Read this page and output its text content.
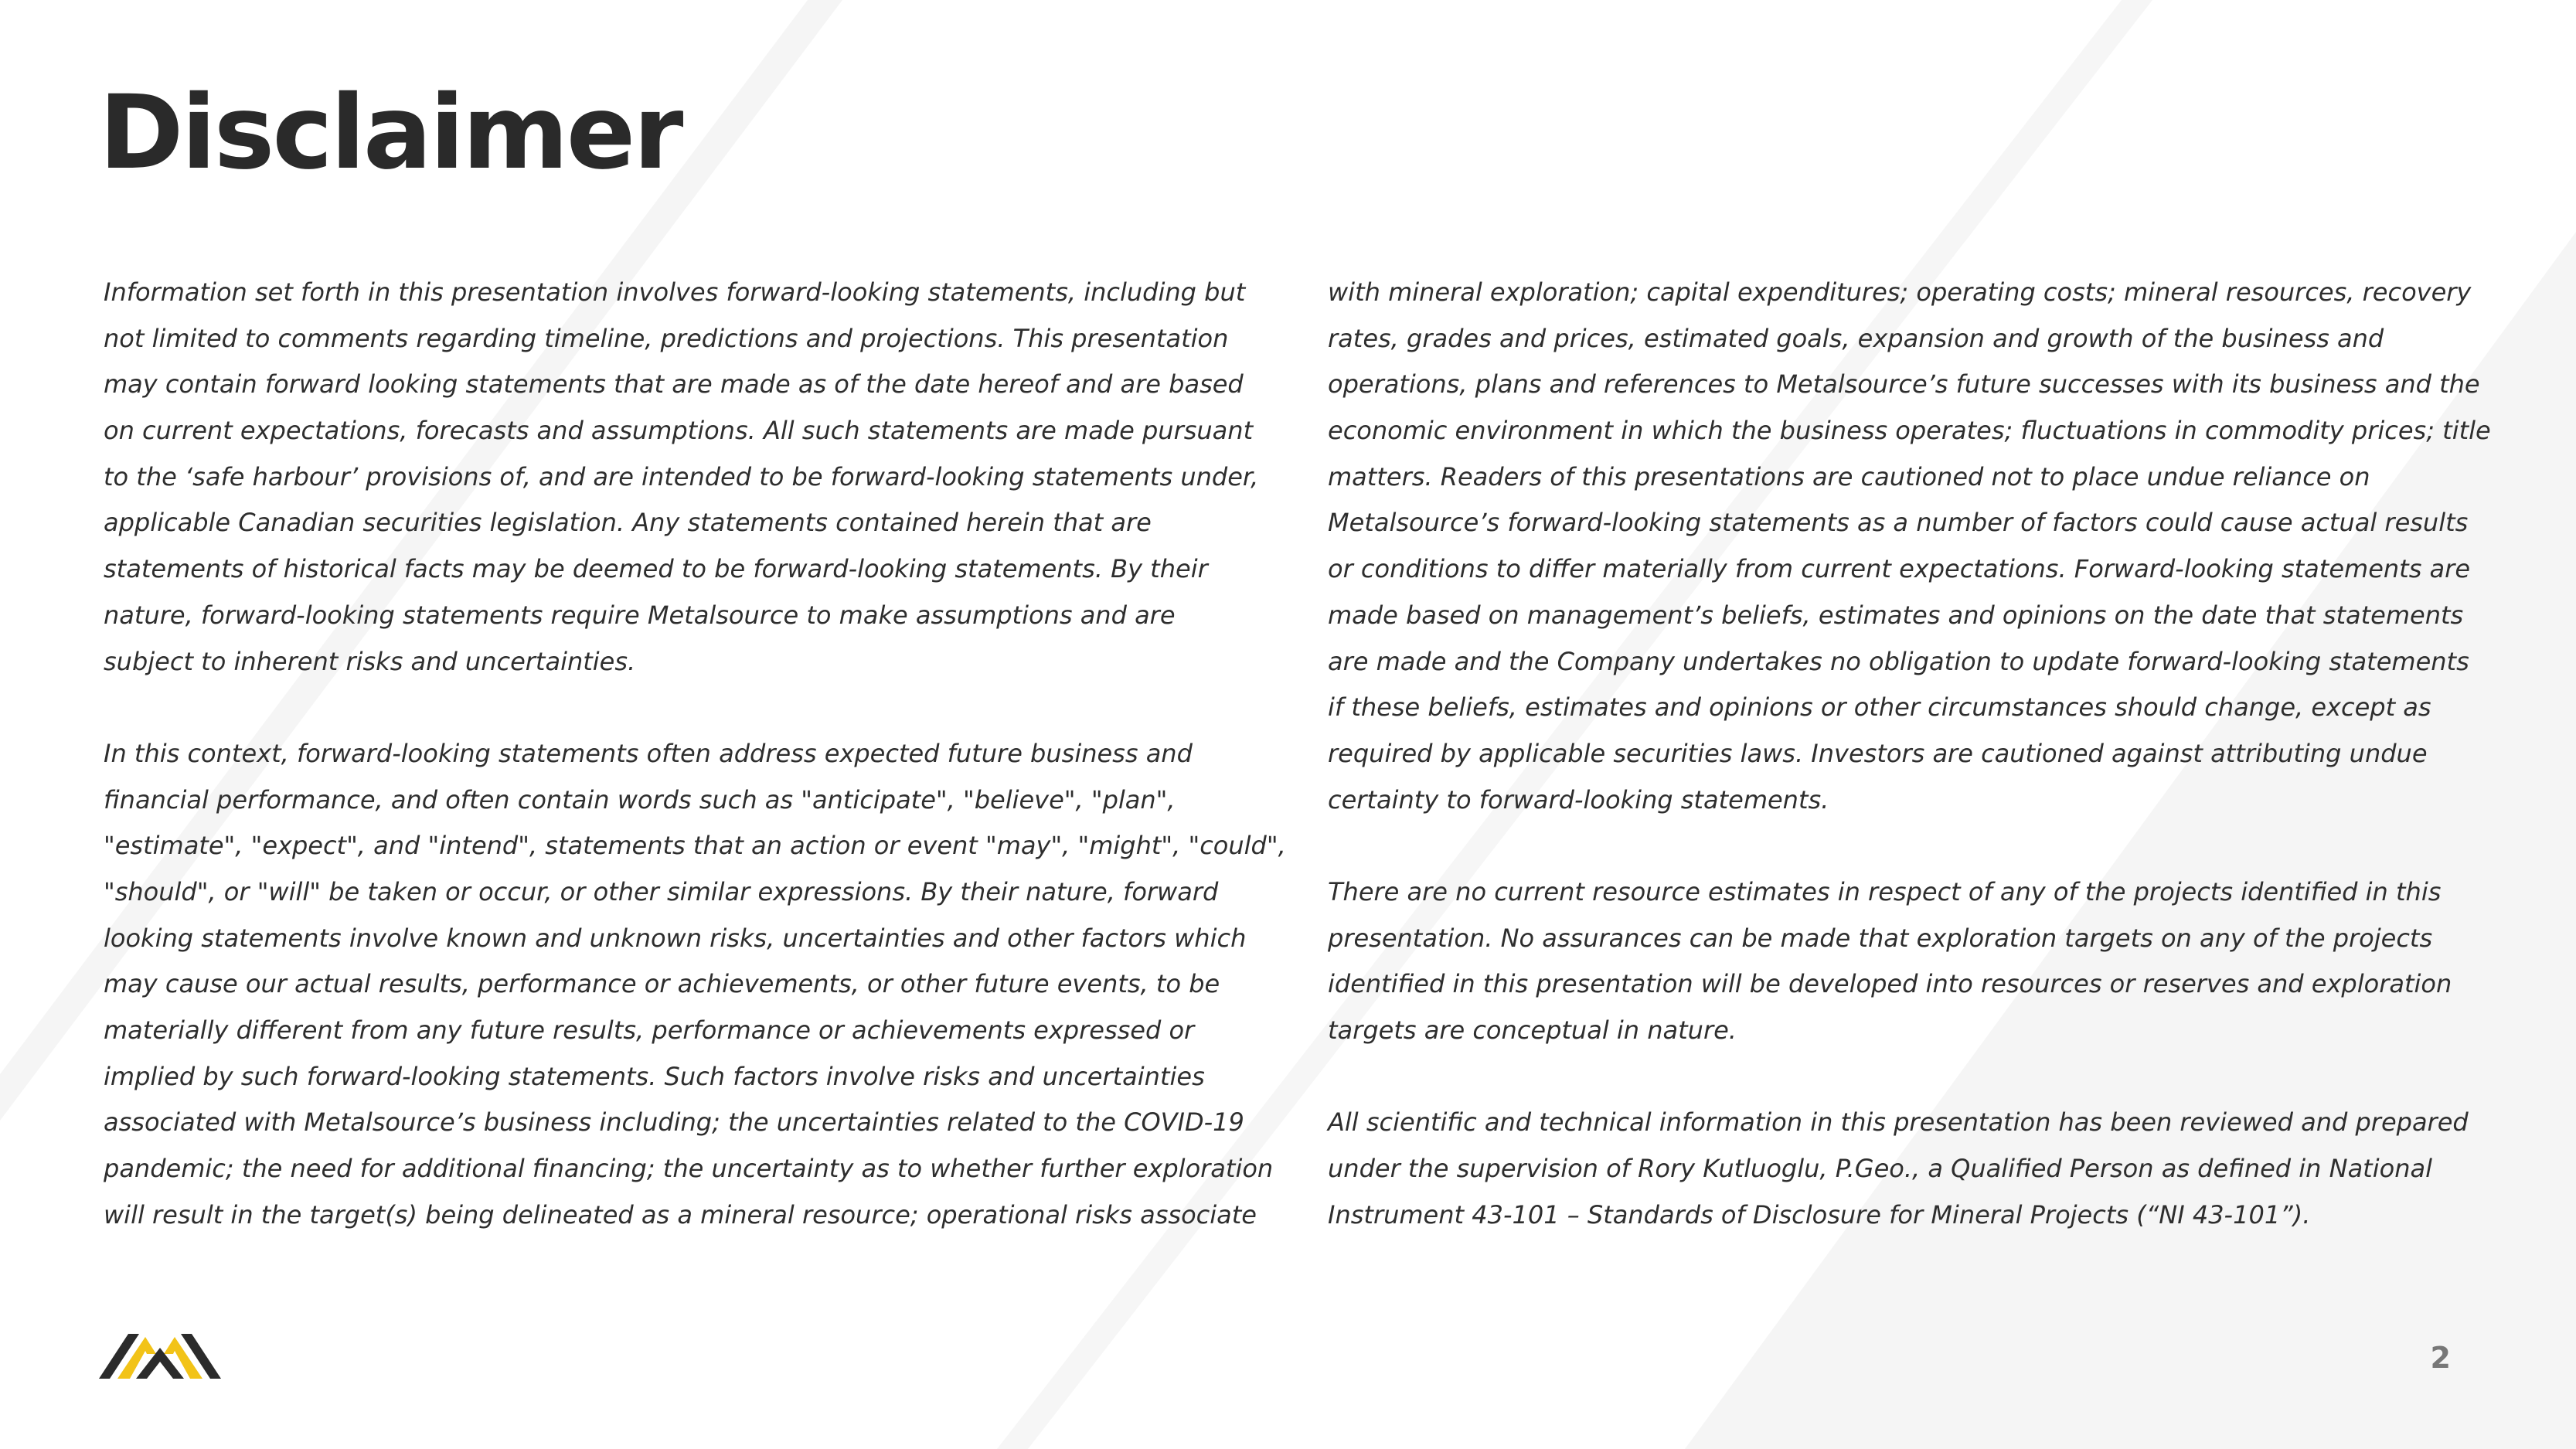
Disclaimer
Information set forth in this presentation involves forward-looking statements, including but
not limited to comments regarding timeline, predictions and projections. This presentation
may contain forward looking statements that are made as of the date hereof and are based
on current expectations, forecasts and assumptions. All such statements are made pursuant
to the ‘safe harbour’ provisions of, and are intended to be forward-looking statements under,
applicable Canadian securities legislation. Any statements contained herein that are
statements of historical facts may be deemed to be forward-looking statements. By their
nature, forward-looking statements require Metalsource to make assumptions and are
subject to inherent risks and uncertainties.
In this context, forward-looking statements often address expected future business and
financial performance, and often contain words such as "anticipate", "believe", "plan",
"estimate", "expect", and "intend", statements that an action or event "may", "might", "could",
"should", or "will" be taken or occur, or other similar expressions. By their nature, forward
looking statements involve known and unknown risks, uncertainties and other factors which
may cause our actual results, performance or achievements, or other future events, to be
materially different from any future results, performance or achievements expressed or
implied by such forward-looking statements. Such factors involve risks and uncertainties
associated with Metalsource’s business including; the uncertainties related to the COVID-19
pandemic; the need for additional financing; the uncertainty as to whether further exploration
will result in the target(s) being delineated as a mineral resource; operational risks associate
with mineral exploration; capital expenditures; operating costs; mineral resources, recovery
rates, grades and prices, estimated goals, expansion and growth of the business and
operations, plans and references to Metalsource’s future successes with its business and the
economic environment in which the business operates; fluctuations in commodity prices; title
matters. Readers of this presentations are cautioned not to place undue reliance on
Metalsource’s forward-looking statements as a number of factors could cause actual results
or conditions to differ materially from current expectations. Forward-looking statements are
made based on management’s beliefs, estimates and opinions on the date that statements
are made and the Company undertakes no obligation to update forward-looking statements
if these beliefs, estimates and opinions or other circumstances should change, except as
required by applicable securities laws. Investors are cautioned against attributing undue
certainty to forward-looking statements.
There are no current resource estimates in respect of any of the projects identified in this
presentation. No assurances can be made that exploration targets on any of the projects
identified in this presentation will be developed into resources or reserves and exploration
targets are conceptual in nature.
All scientific and technical information in this presentation has been reviewed and prepared
under the supervision of Rory Kutluoglu, P.Geo., a Qualified Person as defined in National
Instrument 43-101 – Standards of Disclosure for Mineral Projects (“NI 43-101”).
2
